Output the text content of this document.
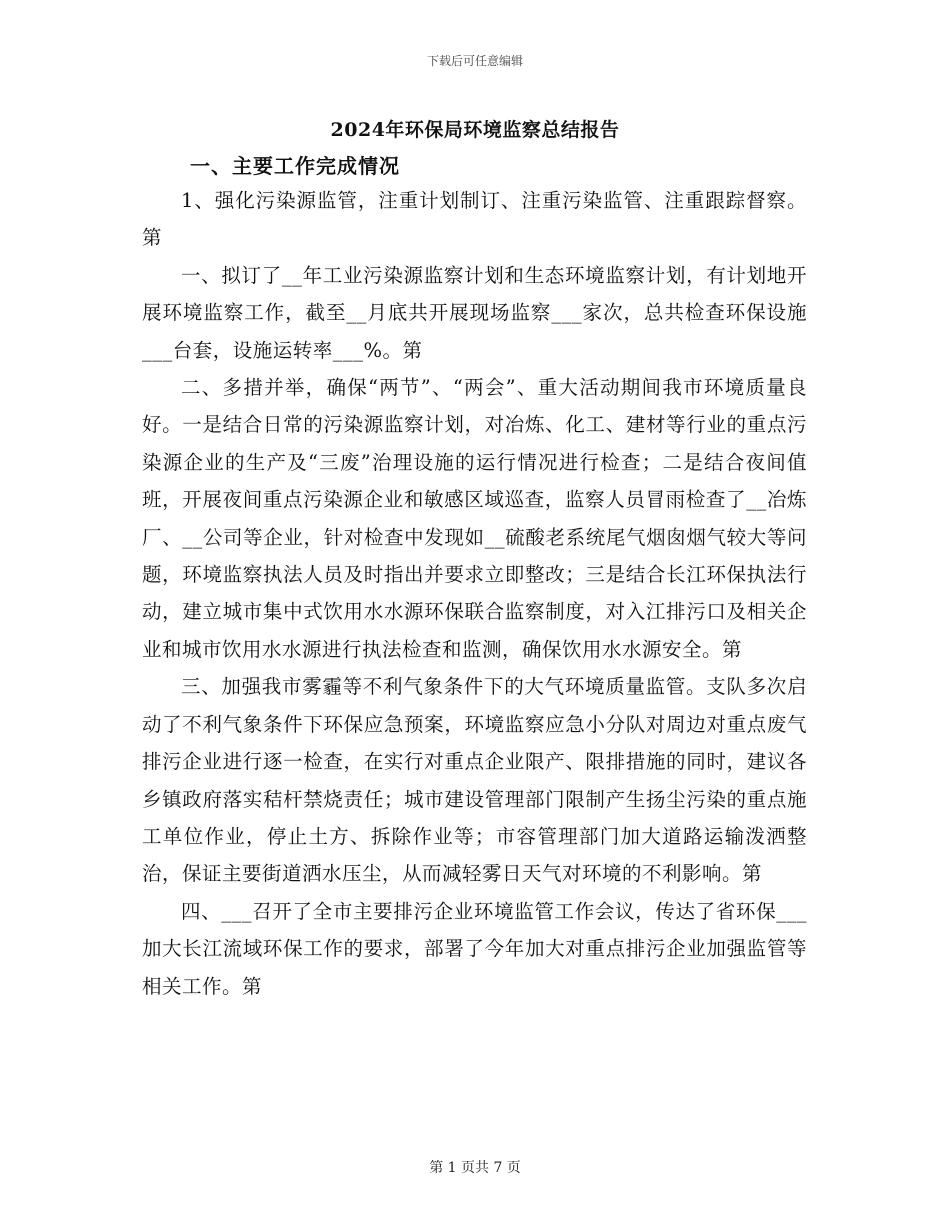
下载后可任意编辑
2024年环保局环境监察总结报告
一、主要工作完成情况

1、强化污染源监管，注重计划制订、注重污染监管、注重跟踪督察。第

一、拟订了__年工业污染源监察计划和生态环境监察计划，有计划地开展环境监察工作，截至__月底共开展现场监察___家次，总共检查环保设施___台套，设施运转率___%。第

二、多措并举，确保“两节”、“两会”、重大活动期间我市环境质量良好。一是结合日常的污染源监察计划，对冶炼、化工、建材等行业的重点污染源企业的生产及“三废”治理设施的运行情况进行检查；二是结合夜间值班，开展夜间重点污染源企业和敏感区域巡查，监察人员冒雨检查了__冶炼厂、__公司等企业，针对检查中发现如__硫酸老系统尾气烟囱烟气较大等问题，环境监察执法人员及时指出并要求立即整改；三是结合长江环保执法行动，建立城市集中式饮用水水源环保联合监察制度，对入江排污口及相关企业和城市饮用水水源进行执法检查和监测，确保饮用水水源安全。第

三、加强我市雾霾等不利气象条件下的大气环境质量监管。支队多次启动了不利气象条件下环保应急预案，环境监察应急小分队对周边对重点废气排污企业进行逐一检查，在实行对重点企业限产、限排措施的同时，建议各乡镇政府落实秸杆禁烧责任；城市建设管理部门限制产生扬尘污染的重点施工单位作业，停止土方、拆除作业等；市容管理部门加大道路运输泼洒整治，保证主要街道洒水压尘，从而减轻雾日天气对环境的不利影响。第

四、___召开了全市主要排污企业环境监管工作会议，传达了省环保___加大长江流域环保工作的要求，部署了今年加大对重点排污企业加强监管等相关工作。第

第 1 页共 7 页
